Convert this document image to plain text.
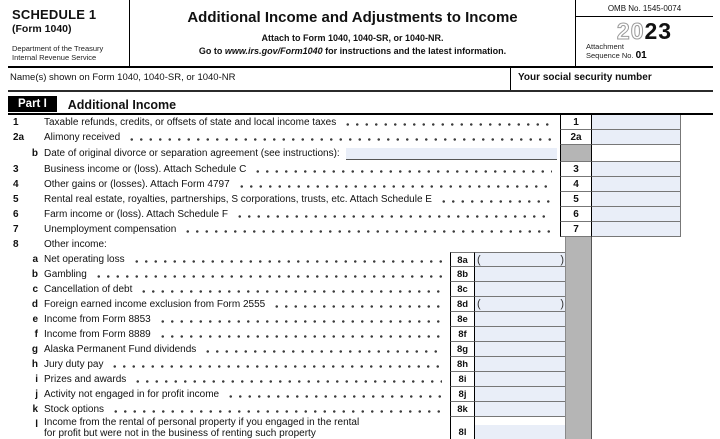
SCHEDULE 1
(Form 1040)
Department of the Treasury
Internal Revenue Service
Additional Income and Adjustments to Income
Attach to Form 1040, 1040-SR, or 1040-NR.
Go to www.irs.gov/Form1040 for instructions and the latest information.
OMB No. 1545-0074
2023
Attachment
Sequence No. 01
Name(s) shown on Form 1040, 1040-SR, or 1040-NR	Your social security number
Part I	Additional Income
1	Taxable refunds, credits, or offsets of state and local income taxes	1
2a	Alimony received	2a
b Date of original divorce or separation agreement (see instructions):
3	Business income or (loss). Attach Schedule C	3
4	Other gains or (losses). Attach Form 4797	4
5	Rental real estate, royalties, partnerships, S corporations, trusts, etc. Attach Schedule E	5
6	Farm income or (loss). Attach Schedule F	6
7	Unemployment compensation	7
8	Other income:
a Net operating loss	8a (	)
b Gambling	8b
c Cancellation of debt	8c
d Foreign earned income exclusion from Form 2555	8d (	)
e Income from Form 8853	8e
f Income from Form 8889	8f
g Alaska Permanent Fund dividends	8g
h Jury duty pay	8h
i Prizes and awards	8i
j Activity not engaged in for profit income	8j
k Stock options	8k
l Income from the rental of personal property if you engaged in the rental
for profit but were not in the business of renting such property	8l
